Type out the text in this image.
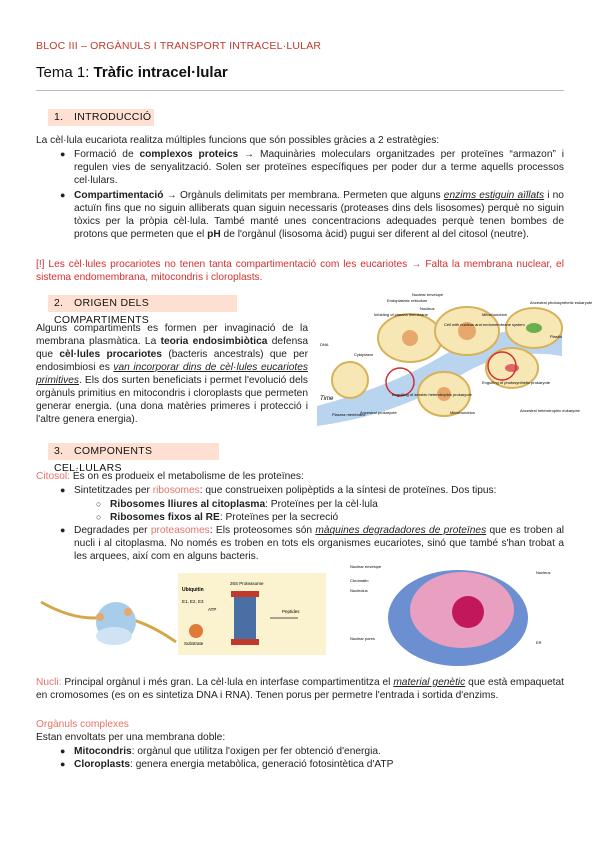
BLOC III – ORGÀNULS I TRANSPORT INTRACEL·LULAR
Tema 1: Tràfic intracel·lular
1. INTRODUCCIÓ
La cèl·lula eucariota realitza múltiples funcions que són possibles gràcies a 2 estratègies:
● Formació de complexos proteics → Maquinàries moleculars organitzades per proteïnes “armazon” i regulen vies de senyalització. Solen ser proteïnes específiques per poder dur a terme aquells processos cel·lulars.
● Compartimentació → Orgànuls delimitats per membrana. Permeten que alguns enzims estiguin aïllats i no actuïn fins que no siguin alliberats quan siguin necessaris (proteases dins dels lisosomes) perquè no siguin tòxics per la pròpia cèl·lula. També manté unes concentracions adequades perquè tenen bombes de protons que permeten que el pH de l'orgànul (lisosoma àcid) pugui ser diferent al del citosol (neutre).
[!] Les cèl·lules procariotes no tenen tanta compartimentació com les eucariotes → Falta la membrana nuclear, el sistema endomembrana, mitocondris i cloroplasts.
2. ORIGEN DELS COMPARTIMENTS
Alguns compartiments es formen per invaginació de la membrana plasmàtica. La teoria endosimbiòtica defensa que cèl·lules procariotes (bacteris ancestrals) que per endosimbiosi es van incorporar dins de cèl·lules eucariotes primitives. Els dos surten beneficiats i permet l'evolució dels orgànuls primitius en mitocondris i cloroplasts que permeten generar energia. (una dona matèries primeres i protecció i l'altre genera energia).
Nuclear envelope
Endoplasmic reticulum
Infolding of plasma membrane
Nucleus
Cell with nucleus and endomembrane system
Mitochondrion
Ancestral photosynthetic eukaryote
Plastid
DNA
Cytoplasm
Plasma membrane
Ancestral prokaryote
Time
Engulfing of photosynthetic prokaryote
Engulfing of aerobic heterotrophic prokaryote
Mitochondrion	Ancestral heterotrophic eukaryote
3. COMPONENTS CEL·LULARS
Citosol: És on es produeix el metabolisme de les proteïnes:
● Sintetitzades per ribosomes: que construeixen polipèptids a la síntesi de proteïnes. Dos tipus:
○ Ribosomes lliures al citoplasma: Proteïnes per la cèl·lula
○ Ribosomes fixos al RE: Proteïnes per la secreció
● Degradades per proteasomes: Els proteosomes són màquines degradadores de proteïnes que es troben al nucli i al citoplasma. No només es troben en tots els organismes eucariotes, sinó que també s'han trobat a les arquees, així com en alguns bacteris.
Ubiquitin
E1, E2, E3
ATP
26S Proteasome
Peptides
Substrate
Nuclear envelope
Nucleus
Chromatin
Nucleolus
Nuclear pores
ER
Nucli: Principal orgànul i més gran. La cèl·lula en interfase compartimentitza el material genètic que està empaquetat en cromosomes (es on es sintetiza DNA i RNA). Tenen porus per permetre l'entrada i sortida d'enzims.
Orgànuls complexes
Estan envoltats per una membrana doble:
● Mitocondris: orgànul que utilitza l'oxigen per fer obtenció d'energia.
● Cloroplasts: genera energia metabòlica, generació fotosintètica d'ATP
